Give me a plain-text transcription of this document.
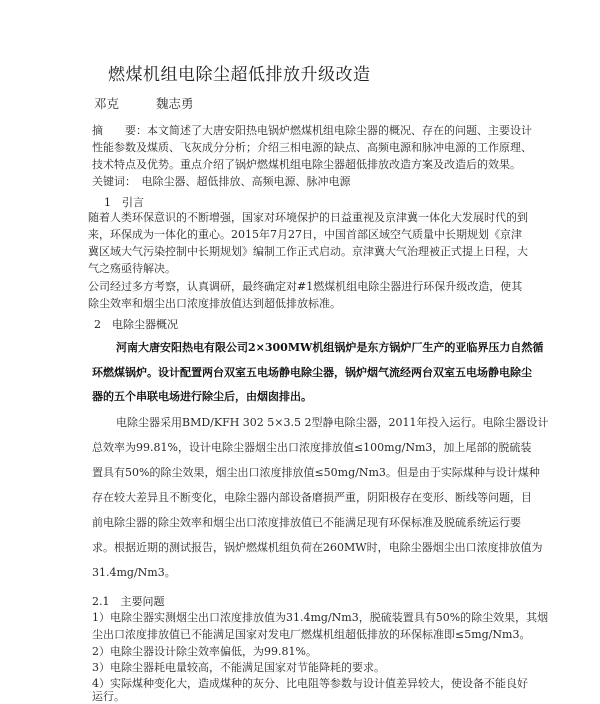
燃煤机组电除尘超低排放升级改造
邓克	魏志勇
摘　　要：本文简述了大唐安阳热电锅炉燃煤机组电除尘器的概况、存在的问题、主要设计
性能参数及煤质、飞灰成分分析；介绍三相电源的缺点、高频电源和脉冲电源的工作原理、
技术特点及优势。重点介绍了锅炉燃煤机组电除尘器超低排放改造方案及改造后的效果。
关键词：　电除尘器、超低排放、高频电源、脉冲电源
1　引言
随着人类环保意识的不断增强，国家对环境保护的日益重视及京津冀一体化大发展时代的到
来，环保成为一体化的重心。2015年7月27日，中国首部区域空气质量中长期规划《京津
冀区域大气污染控制中长期规划》编制工作正式启动。京津冀大气治理被正式提上日程，大
气之殇亟待解决。
公司经过多方考察，认真调研，最终确定对#1燃煤机组电除尘器进行环保升级改造，使其
除尘效率和烟尘出口浓度排放值达到超低排放标准。
2　电除尘器概况
河南大唐安阳热电有限公司2×300MW机组锅炉是东方锅炉厂生产的亚临界压力自然循
环燃煤锅炉。设计配置两台双室五电场静电除尘器，锅炉烟气流经两台双室五电场静电除尘
器的五个串联电场进行除尘后，由烟囱排出。
电除尘器采用BMD/KFH 302 5×3.5 2型静电除尘器，2011年投入运行。电除尘器设计
总效率为99.81%，设计电除尘器烟尘出口浓度排放值≤100mg/Nm3，加上尾部的脱硫装
置具有50%的除尘效果，烟尘出口浓度排放值≤50mg/Nm3。但是由于实际煤种与设计煤种
存在较大差异且不断变化，电除尘器内部设备磨损严重，阴阳极存在变形、断线等问题，目
前电除尘器的除尘效率和烟尘出口浓度排放值已不能满足现有环保标准及脱硫系统运行要
求。根据近期的测试报告，锅炉燃煤机组负荷在260MW时，电除尘器烟尘出口浓度排放值为
31.4mg/Nm3。
2.1　主要问题
1）电除尘器实测烟尘出口浓度排放值为31.4mg/Nm3，脱硫装置具有50%的除尘效果，其烟
尘出口浓度排放值已不能满足国家对发电厂燃煤机组超低排放的环保标准即≤5mg/Nm3。
2）电除尘器设计除尘效率偏低，为99.81%。
3）电除尘器耗电量较高，不能满足国家对节能降耗的要求。
4）实际煤种变化大，造成煤种的灰分、比电阻等参数与设计值差异较大，使设备不能良好
运行。
